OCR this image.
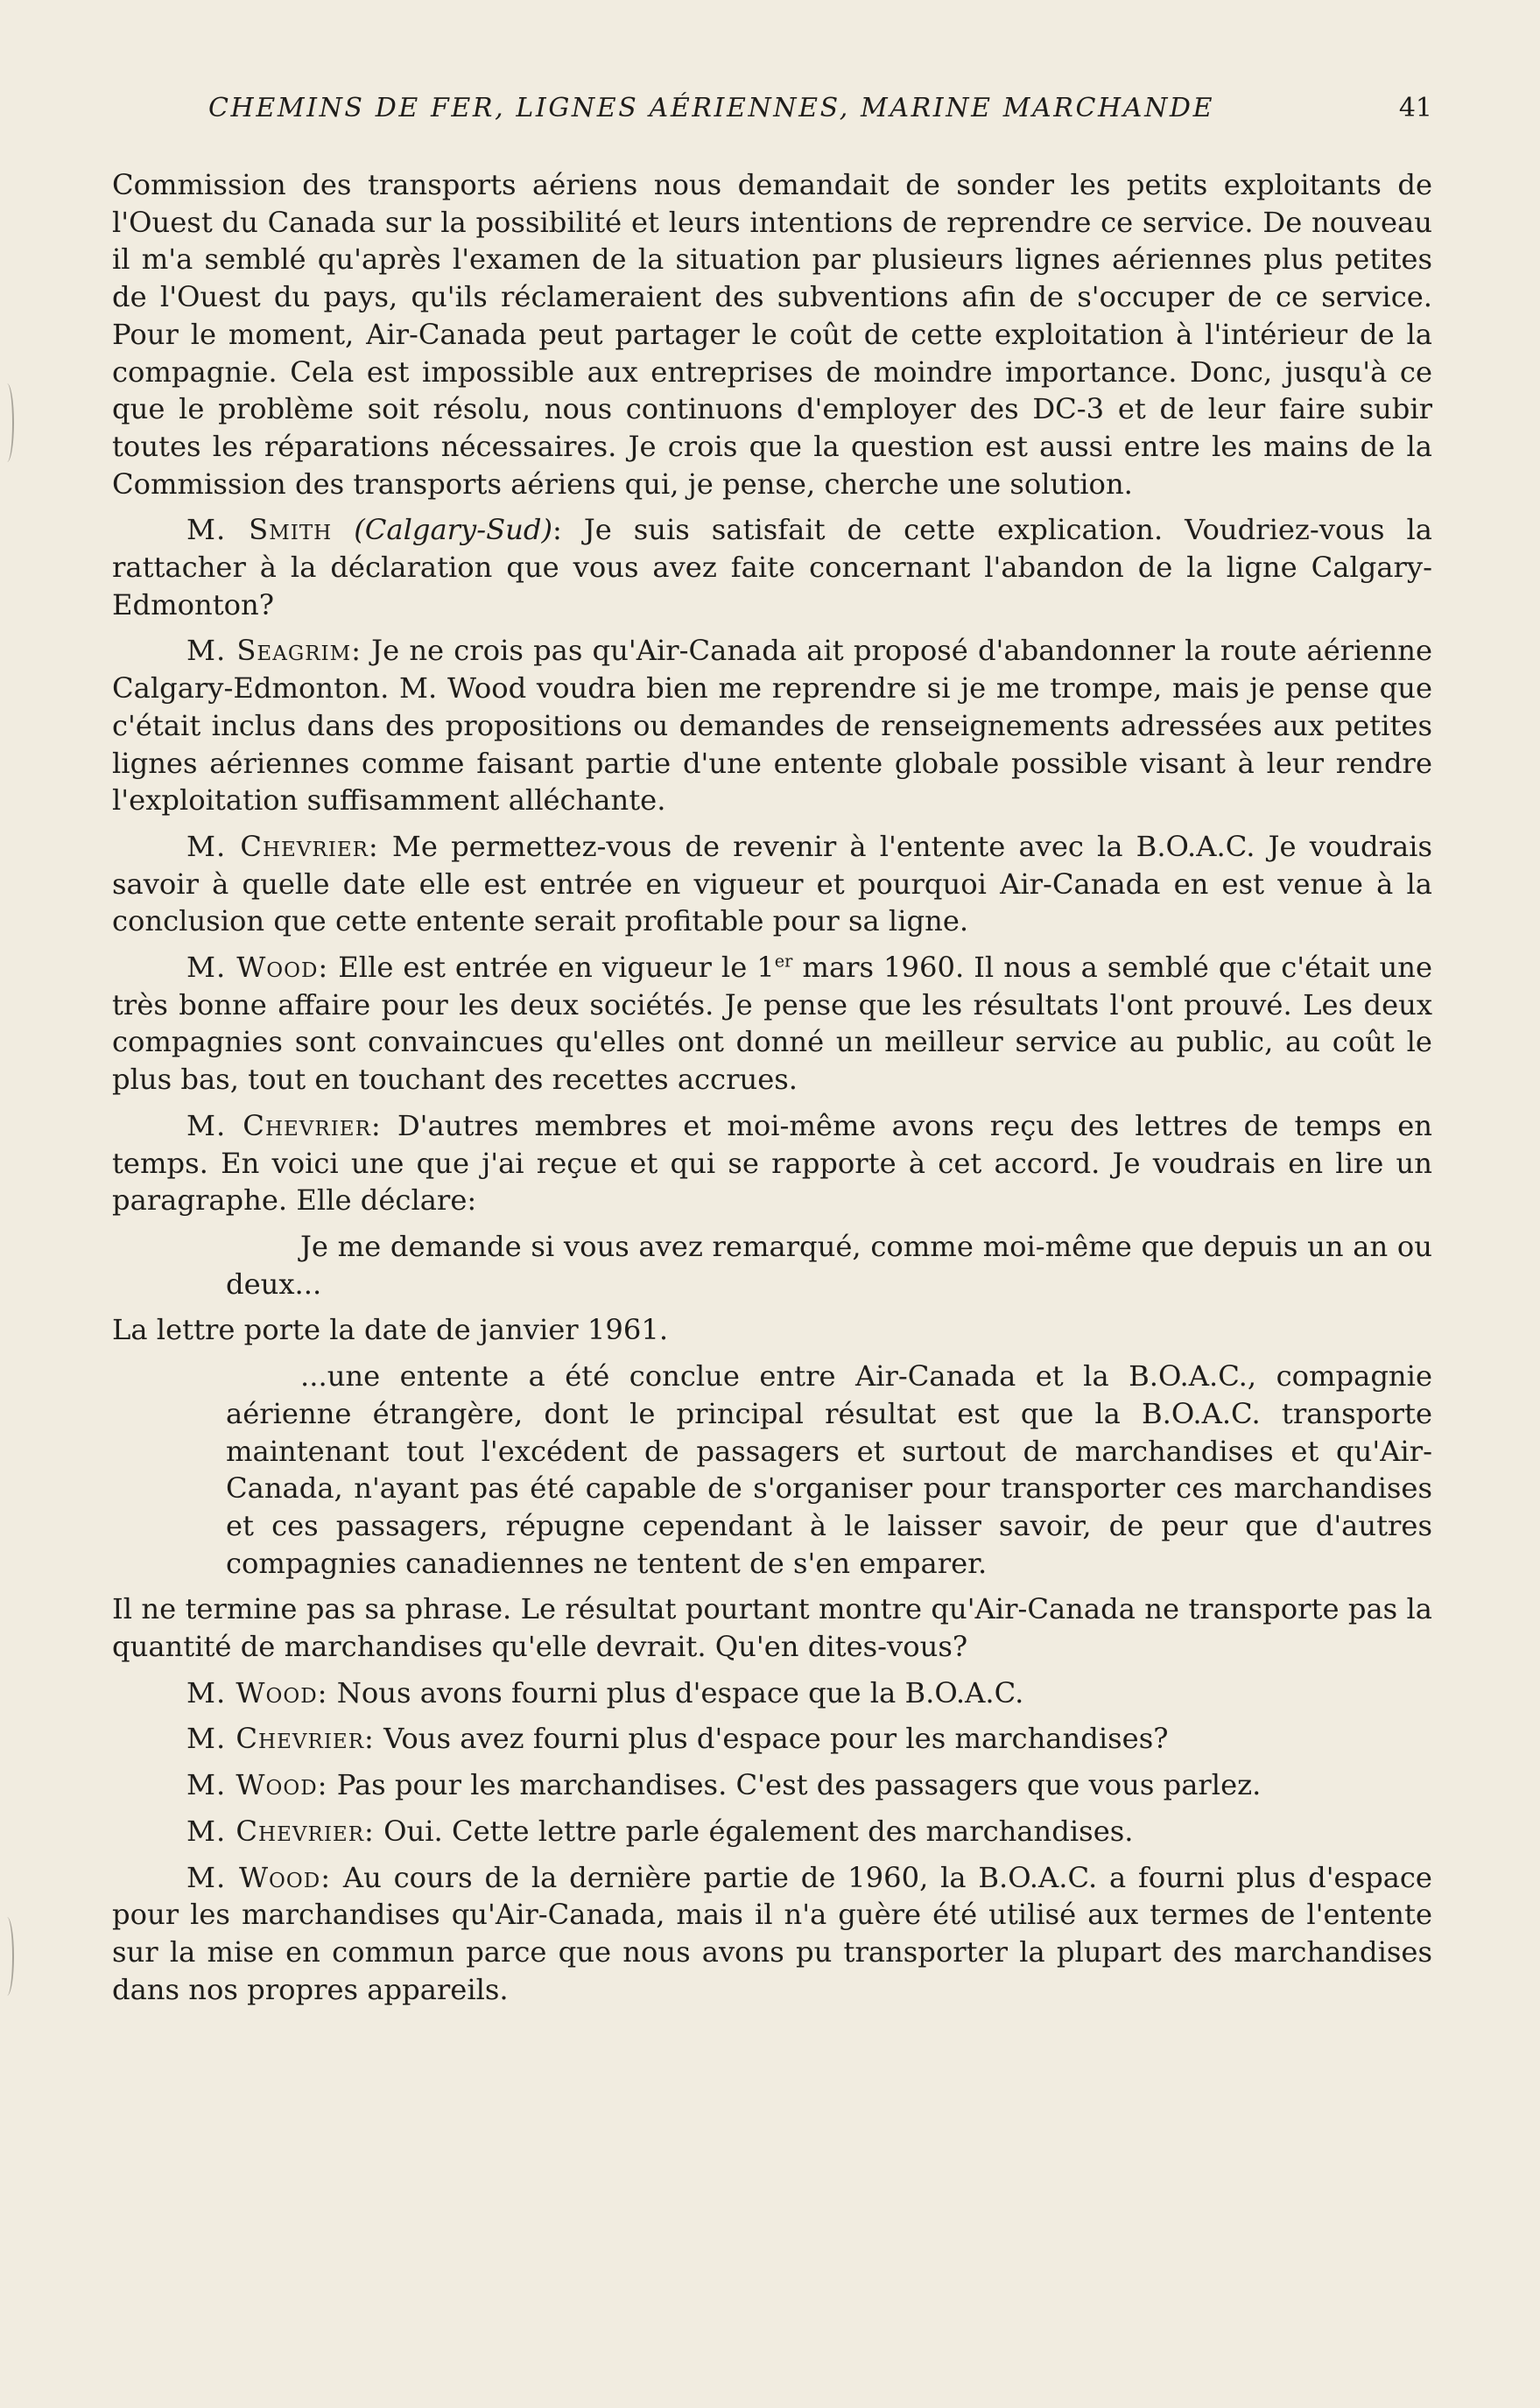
CHEMINS DE FER, LIGNES AÉRIENNES, MARINE MARCHANDE	41

Commission des transports aériens nous demandait de sonder les petits exploitants de l'Ouest du Canada sur la possibilité et leurs intentions de reprendre ce service. De nouveau il m'a semblé qu'après l'examen de la situation par plusieurs lignes aériennes plus petites de l'Ouest du pays, qu'ils réclameraient des subventions afin de s'occuper de ce service. Pour le moment, Air-Canada peut partager le coût de cette exploitation à l'intérieur de la compagnie. Cela est impossible aux entreprises de moindre importance. Donc, jusqu'à ce que le problème soit résolu, nous continuons d'employer des DC-3 et de leur faire subir toutes les réparations nécessaires. Je crois que la question est aussi entre les mains de la Commission des transports aériens qui, je pense, cherche une solution.

M. Smith (Calgary-Sud): Je suis satisfait de cette explication. Voudriez-vous la rattacher à la déclaration que vous avez faite concernant l'abandon de la ligne Calgary-Edmonton?

M. Seagrim: Je ne crois pas qu'Air-Canada ait proposé d'abandonner la route aérienne Calgary-Edmonton. M. Wood voudra bien me reprendre si je me trompe, mais je pense que c'était inclus dans des propositions ou demandes de renseignements adressées aux petites lignes aériennes comme faisant partie d'une entente globale possible visant à leur rendre l'exploitation suffisamment alléchante.

M. Chevrier: Me permettez-vous de revenir à l'entente avec la B.O.A.C. Je voudrais savoir à quelle date elle est entrée en vigueur et pourquoi Air-Canada en est venue à la conclusion que cette entente serait profitable pour sa ligne.

M. Wood: Elle est entrée en vigueur le 1er mars 1960. Il nous a semblé que c'était une très bonne affaire pour les deux sociétés. Je pense que les résultats l'ont prouvé. Les deux compagnies sont convaincues qu'elles ont donné un meilleur service au public, au coût le plus bas, tout en touchant des recettes accrues.

M. Chevrier: D'autres membres et moi-même avons reçu des lettres de temps en temps. En voici une que j'ai reçue et qui se rapporte à cet accord. Je voudrais en lire un paragraphe. Elle déclare:

Je me demande si vous avez remarqué, comme moi-même que depuis un an ou deux...

La lettre porte la date de janvier 1961.

...une entente a été conclue entre Air-Canada et la B.O.A.C., compagnie aérienne étrangère, dont le principal résultat est que la B.O.A.C. transporte maintenant tout l'excédent de passagers et surtout de marchandises et qu'Air-Canada, n'ayant pas été capable de s'organiser pour transporter ces marchandises et ces passagers, répugne cependant à le laisser savoir, de peur que d'autres compagnies canadiennes ne tentent de s'en emparer.

Il ne termine pas sa phrase. Le résultat pourtant montre qu'Air-Canada ne transporte pas la quantité de marchandises qu'elle devrait. Qu'en dites-vous?

M. Wood: Nous avons fourni plus d'espace que la B.O.A.C.

M. Chevrier: Vous avez fourni plus d'espace pour les marchandises?

M. Wood: Pas pour les marchandises. C'est des passagers que vous parlez.

M. Chevrier: Oui. Cette lettre parle également des marchandises.

M. Wood: Au cours de la dernière partie de 1960, la B.O.A.C. a fourni plus d'espace pour les marchandises qu'Air-Canada, mais il n'a guère été utilisé aux termes de l'entente sur la mise en commun parce que nous avons pu transporter la plupart des marchandises dans nos propres appareils.
